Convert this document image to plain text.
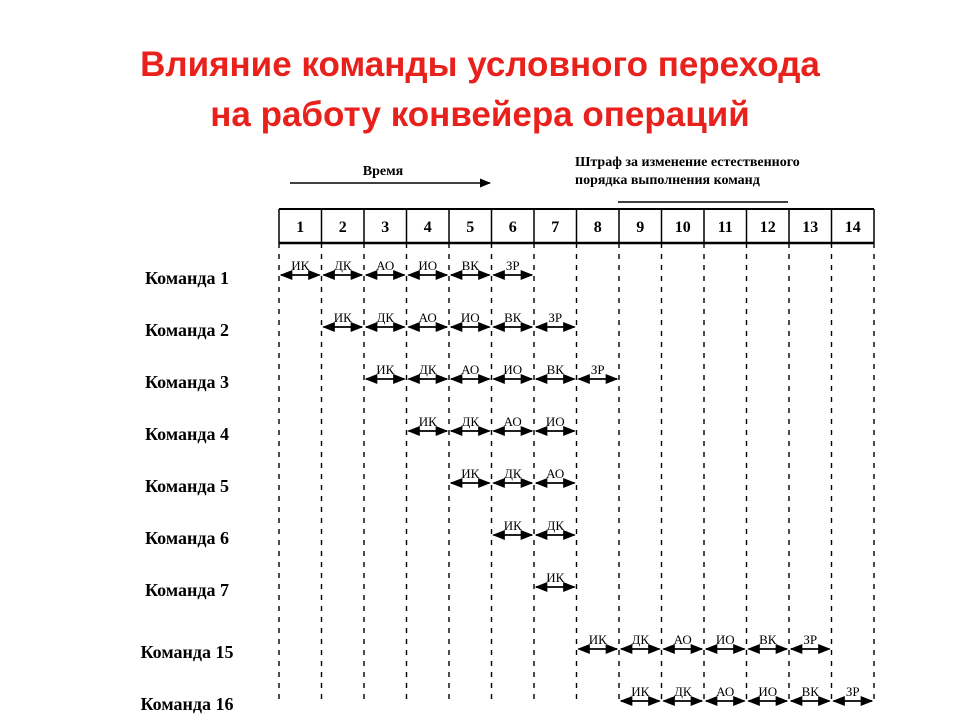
Влияние команды условного перехода
на работу конвейера операций
Время
Штраф за изменение естественного
порядка выполнения команд
1 2 3 4 5 6 7 8 9 10 11 12 13 14
Команда 1
Команда 2
Команда 3
Команда 4
Команда 5
Команда 6
Команда 7
Команда 15
Команда 16
ИК ДК АО ИО ВК ЗР
ИК ДК АО ИО ВК ЗР
ИК ДК АО ИО ВК ЗР
ИК ДК АО ИО
ИК ДК АО
ИК ДК
ИК
ИК ДК АО ИО ВК ЗР
ИК ДК АО ИО ВК ЗР
